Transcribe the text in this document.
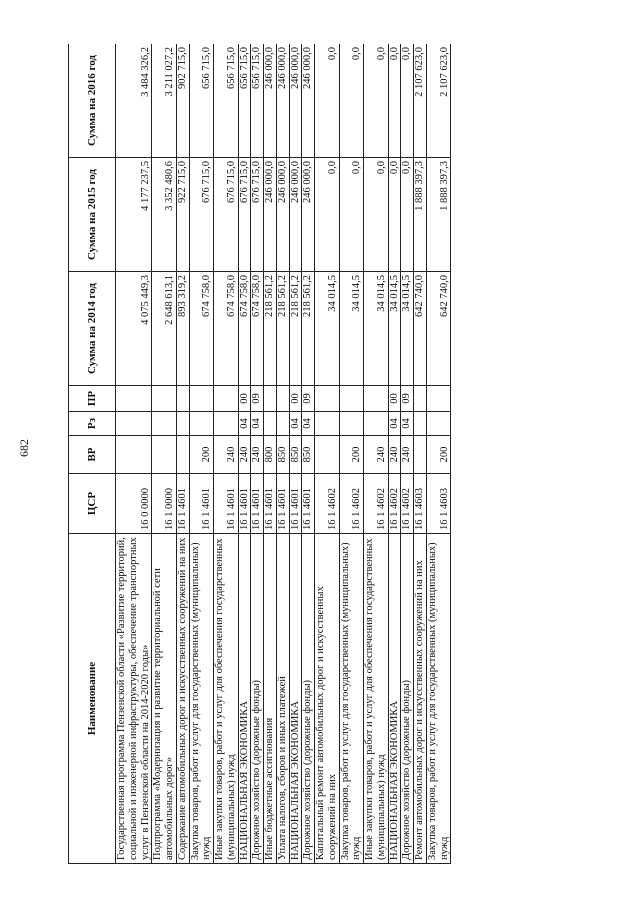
682
Наименование	ЦСР	ВР	Рз	ПР	Сумма на 2014 год	Сумма на 2015 год	Сумма на 2016 год
Государственная программа Пензенской области «Развитие территорий, социальной и инженерной инфраструктуры, обеспечение транспортных услуг в Пензенской области на 2014-2020 годы»	16 0 0000				4 075 449,3	4 177 237,5	3 484 326,2
Подпрограмма «Модернизация и развитие территориальной сети автомобильных дорог»	16 1 0000				2 648 613,1	3 352 480,6	3 211 027,2
Содержание автомобильных дорог и искусственных сооружений на них	16 1 4601				893 319,2	922 715,0	902 715,0
Закупка товаров, работ и услуг для государственных (муниципальных) нужд	16 1 4601	200			674 758,0	676 715,0	656 715,0
Иные закупки товаров, работ и услуг для обеспечения государственных (муниципальных) нужд	16 1 4601	240			674 758,0	676 715,0	656 715,0
НАЦИОНАЛЬНАЯ ЭКОНОМИКА	16 1 4601	240	04	00	674 758,0	676 715,0	656 715,0
Дорожное хозяйство (дорожные фонды)	16 1 4601	240	04	09	674 758,0	676 715,0	656 715,0
Иные бюджетные ассигнования	16 1 4601	800			218 561,2	246 000,0	246 000,0
Уплата налогов, сборов и иных платежей	16 1 4601	850			218 561,2	246 000,0	246 000,0
НАЦИОНАЛЬНАЯ ЭКОНОМИКА	16 1 4601	850	04	00	218 561,2	246 000,0	246 000,0
Дорожное хозяйство (дорожные фонды)	16 1 4601	850	04	09	218 561,2	246 000,0	246 000,0
Капитальный ремонт автомобильных дорог и искусственных сооружений на них	16 1 4602				34 014,5	0,0	0,0
Закупка товаров, работ и услуг для государственных (муниципальных) нужд	16 1 4602	200			34 014,5	0,0	0,0
Иные закупки товаров, работ и услуг для обеспечения государственных (муниципальных) нужд	16 1 4602	240			34 014,5	0,0	0,0
НАЦИОНАЛЬНАЯ ЭКОНОМИКА	16 1 4602	240	04	00	34 014,5	0,0	0,0
Дорожное хозяйство (дорожные фонды)	16 1 4602	240	04	09	34 014,5	0,0	0,0
Ремонт автомобильных дорог и искусственных сооружений на них	16 1 4603				642 740,0	1 888 397,3	2 107 623,0
Закупка товаров, работ и услуг для государственных (муниципальных) нужд	16 1 4603	200			642 740,0	1 888 397,3	2 107 623,0
